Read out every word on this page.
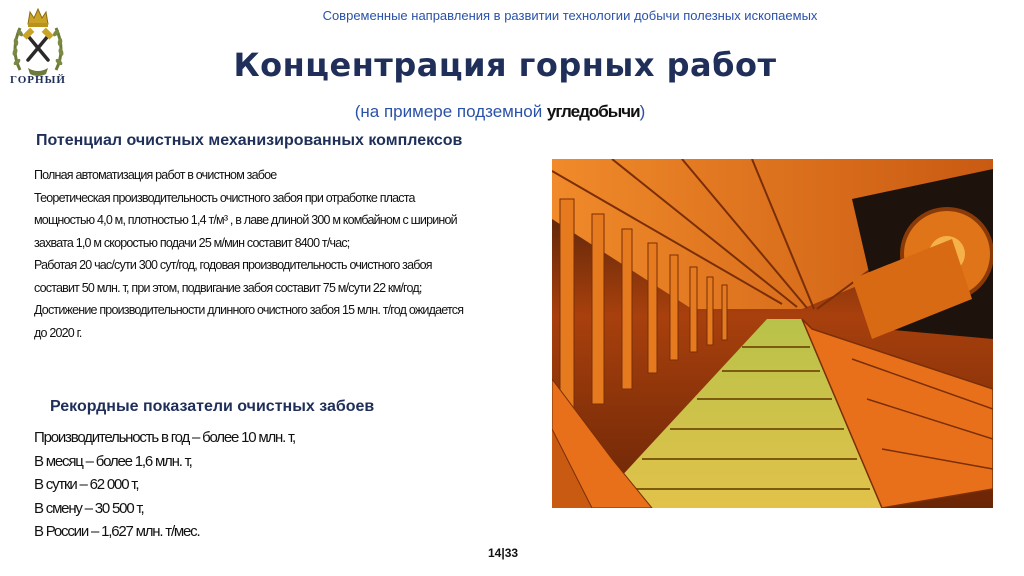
ГОРНЫЙ
Современные направления в развитии технологии добычи полезных ископаемых
Концентрация горных работ
(на примере подземной угледобычи)
Потенциал очистных механизированных комплексов
Полная автоматизация работ в очистном забое
Теоретическая производительность очистного забоя при отработке пласта
мощностью 4,0 м, плотностью 1,4 т/м³ , в лаве длиной 300 м комбайном с шириной
захвата 1,0 м скоростью подачи 25 м/мин составит 8400 т/час;
Работая 20 час/сути 300 сут/год, годовая производительность очистного забоя
составит 50 млн. т, при этом, подвигание забоя составит 75 м/сути 22 км/год;
Достижение производительности длинного очистного забоя 15 млн. т/год ожидается
до 2020 г.
Рекордные показатели очистных забоев
Производительность в год – более 10 млн. т,
В месяц – более 1,6 млн. т,
В сутки – 62 000 т,
В смену – 30 500 т,
В России – 1,627 млн. т/мес.
14|33
